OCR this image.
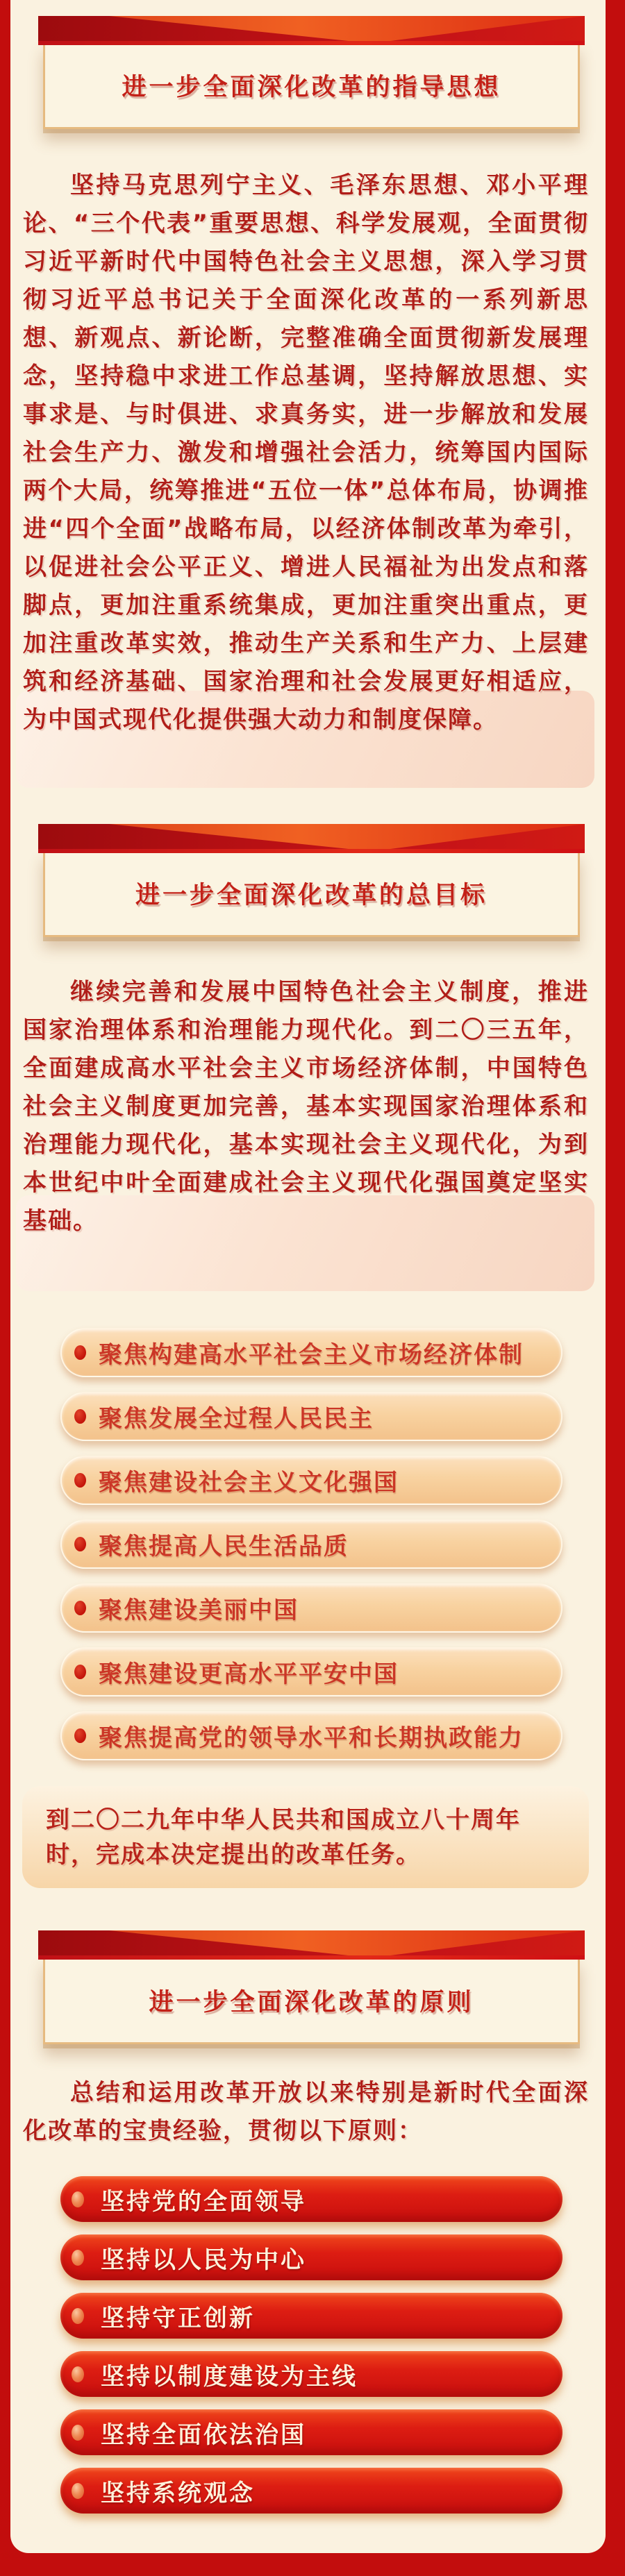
进一步全面深化改革的指导思想

坚持马克思列宁主义、毛泽东思想、邓小平理论、“三个代表”重要思想、科学发展观，全面贯彻习近平新时代中国特色社会主义思想，深入学习贯彻习近平总书记关于全面深化改革的一系列新思想、新观点、新论断，完整准确全面贯彻新发展理念，坚持稳中求进工作总基调，坚持解放思想、实事求是、与时俱进、求真务实，进一步解放和发展社会生产力、激发和增强社会活力，统筹国内国际两个大局，统筹推进“五位一体”总体布局，协调推进“四个全面”战略布局，以经济体制改革为牵引，以促进社会公平正义、增进人民福祉为出发点和落脚点，更加注重系统集成，更加注重突出重点，更加注重改革实效，推动生产关系和生产力、上层建筑和经济基础、国家治理和社会发展更好相适应，为中国式现代化提供强大动力和制度保障。

进一步全面深化改革的总目标

继续完善和发展中国特色社会主义制度，推进国家治理体系和治理能力现代化。到二〇三五年，全面建成高水平社会主义市场经济体制，中国特色社会主义制度更加完善，基本实现国家治理体系和治理能力现代化，基本实现社会主义现代化，为到本世纪中叶全面建成社会主义现代化强国奠定坚实基础。

聚焦构建高水平社会主义市场经济体制
聚焦发展全过程人民民主
聚焦建设社会主义文化强国
聚焦提高人民生活品质
聚焦建设美丽中国
聚焦建设更高水平平安中国
聚焦提高党的领导水平和长期执政能力
到二〇二九年中华人民共和国成立八十周年时，完成本决定提出的改革任务。
进一步全面深化改革的原则

总结和运用改革开放以来特别是新时代全面深化改革的宝贵经验，贯彻以下原则：

坚持党的全面领导
坚持以人民为中心
坚持守正创新
坚持以制度建设为主线
坚持全面依法治国
坚持系统观念
